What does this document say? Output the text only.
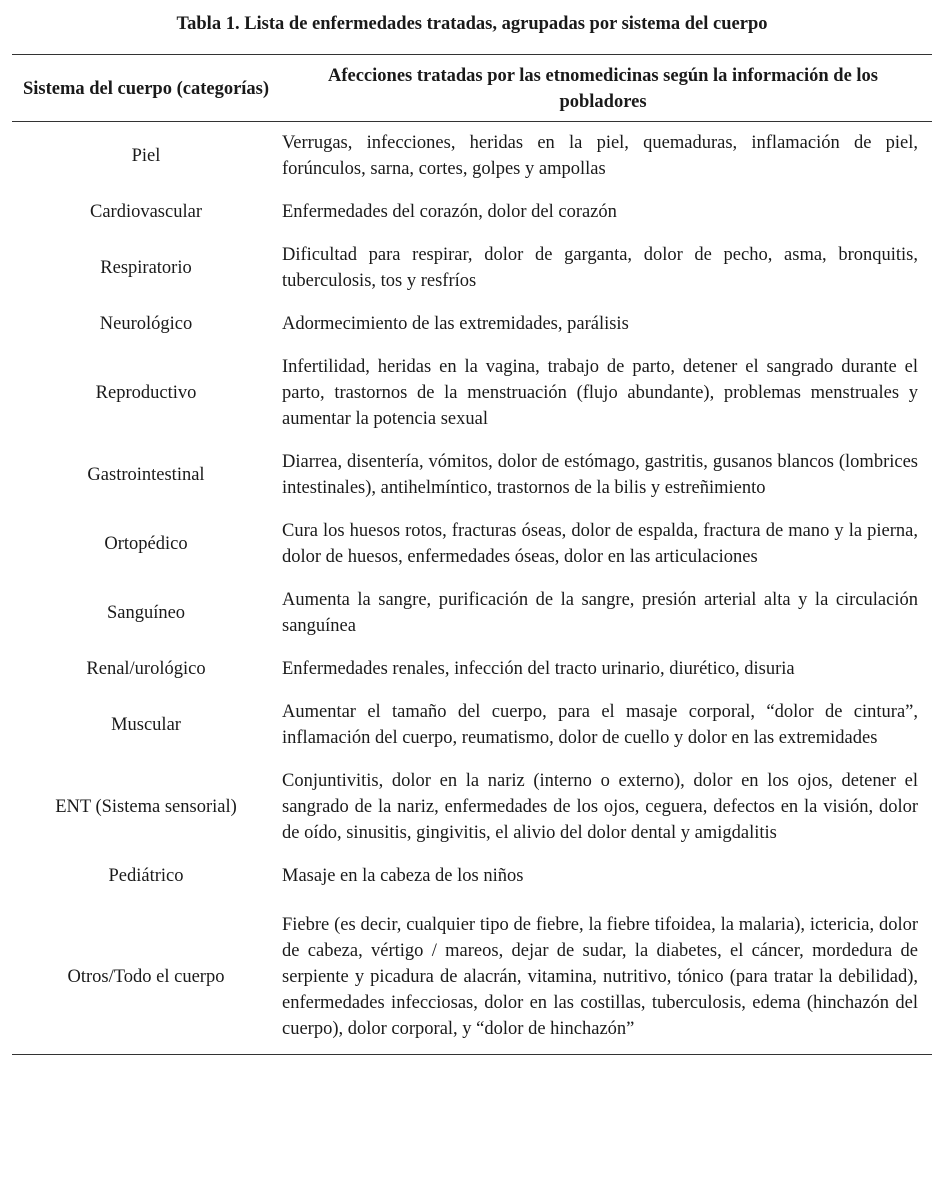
Tabla 1. Lista de enfermedades tratadas, agrupadas por sistema del cuerpo
Sistema del cuerpo (categorías)	Afecciones tratadas por las etnomedicinas según la información de los pobladores
Piel	Verrugas, infecciones, heridas en la piel, quemaduras, inflamación de piel, forúnculos, sarna, cortes, golpes y ampollas
Cardiovascular	Enfermedades del corazón, dolor del corazón
Respiratorio	Dificultad para respirar, dolor de garganta, dolor de pecho, asma, bronquitis, tuberculosis, tos y resfríos
Neurológico	Adormecimiento de las extremidades, parálisis
Reproductivo	Infertilidad, heridas en la vagina, trabajo de parto, detener el sangrado durante el parto, trastornos de la menstruación (flujo abundante), problemas menstruales y aumentar la potencia sexual
Gastrointestinal	Diarrea, disentería, vómitos, dolor de estómago, gastritis, gusanos blancos (lombrices intestinales), antihelmíntico, trastornos de la bilis y estreñimiento
Ortopédico	Cura los huesos rotos, fracturas óseas, dolor de espalda, fractura de mano y la pierna, dolor de huesos, enfermedades óseas, dolor en las articulaciones
Sanguíneo	Aumenta la sangre, purificación de la sangre, presión arterial alta y la circulación sanguínea
Renal/urológico	Enfermedades renales, infección del tracto urinario, diurético, disuria
Muscular	Aumentar el tamaño del cuerpo, para el masaje corporal, “dolor de cintura”, inflamación del cuerpo, reumatismo, dolor de cuello y dolor en las extremidades
ENT (Sistema sensorial)	Conjuntivitis, dolor en la nariz (interno o externo), dolor en los ojos, detener el sangrado de la nariz, enfermedades de los ojos, ceguera, defectos en la visión, dolor de oído, sinusitis, gingivitis, el alivio del dolor dental y amigdalitis
Pediátrico	Masaje en la cabeza de los niños
Otros/Todo el cuerpo	Fiebre (es decir, cualquier tipo de fiebre, la fiebre tifoidea, la malaria), ictericia, dolor de cabeza, vértigo / mareos, dejar de sudar, la diabetes, el cáncer, mordedura de serpiente y picadura de alacrán, vitamina, nutritivo, tónico (para tratar la debilidad), enfermedades infecciosas, dolor en las costillas, tuberculosis, edema (hinchazón del cuerpo), dolor corporal, y “dolor de hinchazón”
